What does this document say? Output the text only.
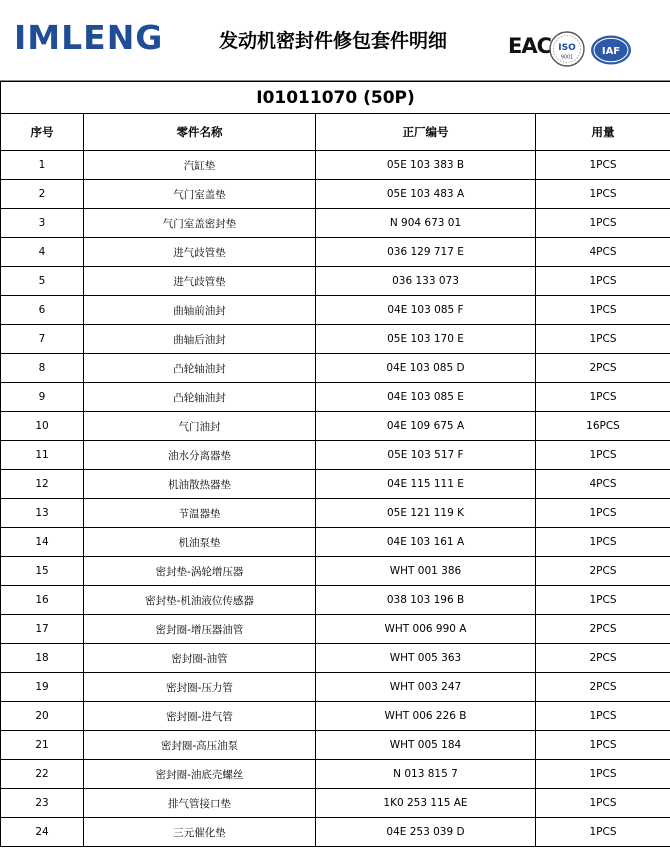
IMLENG	发动机密封件修包套件明细	EAC ISO
9001
IAF
I01011070 (50P)			
序号	零件名称	正厂编号	用量
1	汽缸垫	05E 103 383 B	1PCS
2	气门室盖垫	05E 103 483 A	1PCS
3	气门室盖密封垫	N 904 673 01	1PCS
4	进气歧管垫	036 129 717 E	4PCS
5	进气歧管垫	036 133 073	1PCS
6	曲轴前油封	04E 103 085 F	1PCS
7	曲轴后油封	05E 103 170 E	1PCS
8	凸轮轴油封	04E 103 085 D	2PCS
9	凸轮轴油封	04E 103 085 E	1PCS
10	气门油封	04E 109 675 A	16PCS
11	油水分离器垫	05E 103 517 F	1PCS
12	机油散热器垫	04E 115 111 E	4PCS
13	节温器垫	05E 121 119 K	1PCS
14	机油泵垫	04E 103 161 A	1PCS
15	密封垫-涡轮增压器	WHT 001 386	2PCS
16	密封垫-机油液位传感器	038 103 196 B	1PCS
17	密封圈-增压器油管	WHT 006 990 A	2PCS
18	密封圈-油管	WHT 005 363	2PCS
19	密封圈-压力管	WHT 003 247	2PCS
20	密封圈-进气管	WHT 006 226 B	1PCS
21	密封圈-高压油泵	WHT 005 184	1PCS
22	密封圈-油底壳螺丝	N 013 815 7	1PCS
23	排气管接口垫	1K0 253 115 AE	1PCS
24	三元催化垫	04E 253 039 D	1PCS
